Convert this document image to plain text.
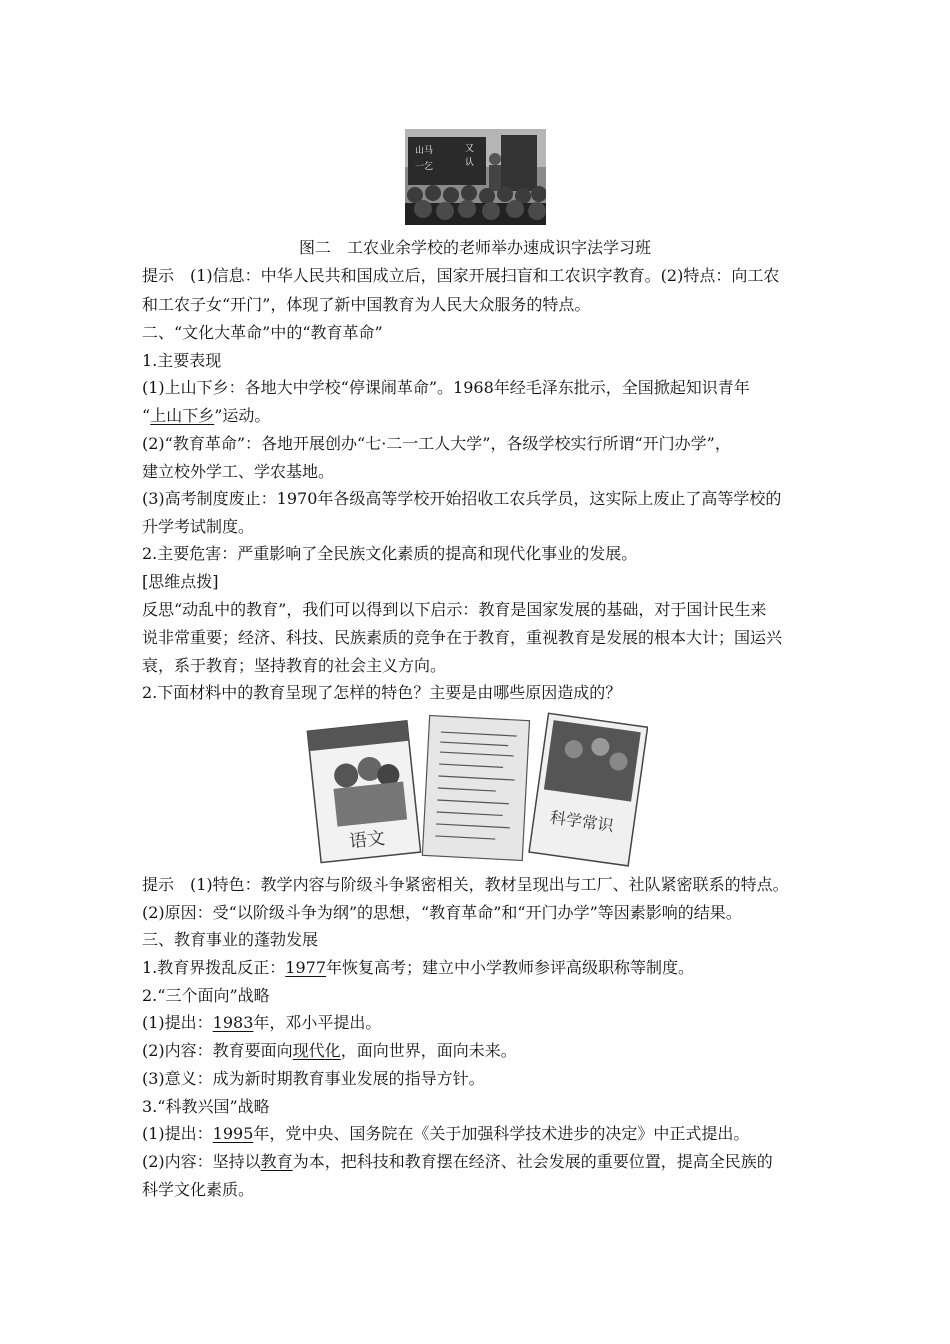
山马
一乞
又
认
图二　工农业余学校的老师举办速成识字法学习班
提示　(1)信息：中华人民共和国成立后，国家开展扫盲和工农识字教育。(2)特点：向工农
和工农子女“开门”，体现了新中国教育为人民大众服务的特点。
二、“文化大革命”中的“教育革命”
1.主要表现
(1)上山下乡：各地大中学校“停课闹革命”。1968年经毛泽东批示，全国掀起知识青年
“上山下乡”运动。
(2)“教育革命”：各地开展创办“七·二一工人大学”，各级学校实行所谓“开门办学”，
建立校外学工、学农基地。
(3)高考制度废止：1970年各级高等学校开始招收工农兵学员，这实际上废止了高等学校的
升学考试制度。
2.主要危害：严重影响了全民族文化素质的提高和现代化事业的发展。
[思维点拨]
反思“动乱中的教育”，我们可以得到以下启示：教育是国家发展的基础，对于国计民生来
说非常重要；经济、科技、民族素质的竞争在于教育，重视教育是发展的根本大计；国运兴
衰，系于教育；坚持教育的社会主义方向。
2.下面材料中的教育呈现了怎样的特色？主要是由哪些原因造成的？
语文
科学常识
提示　(1)特色：教学内容与阶级斗争紧密相关，教材呈现出与工厂、社队紧密联系的特点。
(2)原因：受“以阶级斗争为纲”的思想，“教育革命”和“开门办学”等因素影响的结果。
三、教育事业的蓬勃发展
1.教育界拨乱反正：1977年恢复高考；建立中小学教师参评高级职称等制度。
2.“三个面向”战略
(1)提出：1983年，邓小平提出。
(2)内容：教育要面向现代化，面向世界，面向未来。
(3)意义：成为新时期教育事业发展的指导方针。
3.“科教兴国”战略
(1)提出：1995年，党中央、国务院在《关于加强科学技术进步的决定》中正式提出。
(2)内容：坚持以教育为本，把科技和教育摆在经济、社会发展的重要位置，提高全民族的
科学文化素质。
